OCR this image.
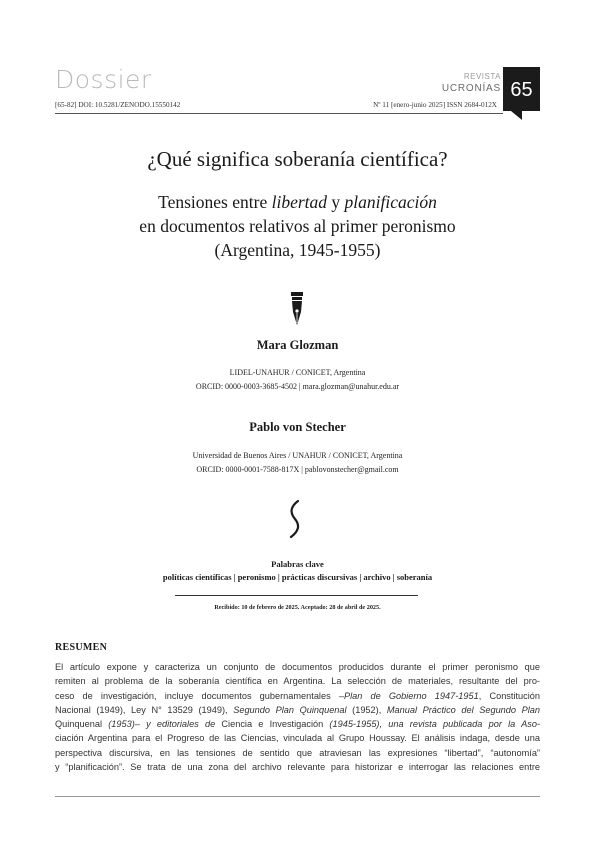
Dossier	REVISTA
UCRONÍAS 65
[65-82] DOI: 10.5281/ZENODO.15550142	Nº 11 [enero-junio 2025] ISSN 2684-012X
¿Qué significa soberanía científica?
Tensiones entre libertad y planificación
en documentos relativos al primer peronismo
(Argentina, 1945-1955)
Mara Glozman
LIDEL-UNAHUR / CONICET, Argentina
ORCID: 0000-0003-3685-4502 | mara.glozman@unahur.edu.ar
Pablo von Stecher
Universidad de Buenos Aires / UNAHUR / CONICET, Argentina
ORCID: 0000-0001-7588-817X | pablovonstecher@gmail.com
Palabras clave
políticas científicas | peronismo | prácticas discursivas | archivo | soberanía
Recibido: 10 de febrero de 2025. Aceptado: 28 de abril de 2025.
RESUMEN
El artículo expone y caracteriza un conjunto de documentos producidos durante el primer peronismo que
remiten al problema de la soberanía científica en Argentina. La selección de materiales, resultante del pro-
ceso de investigación, incluye documentos gubernamentales –Plan de Gobierno 1947-1951, Constitución
Nacional (1949), Ley N° 13529 (1949), Segundo Plan Quinquenal (1952), Manual Práctico del Segundo Plan
Quinquenal (1953)– y editoriales de Ciencia e Investigación (1945-1955), una revista publicada por la Aso-
ciación Argentina para el Progreso de las Ciencias, vinculada al Grupo Houssay. El análisis indaga, desde una
perspectiva discursiva, en las tensiones de sentido que atraviesan las expresiones “libertad”, “autonomía”
y “planificación”. Se trata de una zona del archivo relevante para historizar e interrogar las relaciones entre
